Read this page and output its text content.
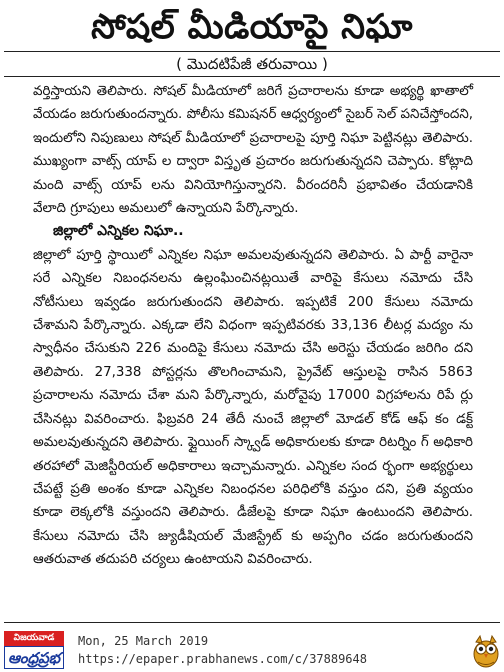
సోషల్ మీడియాపై నిఘా
( మొదటిపేజీ తరువాయి )

వర్తిస్తాయని తెలిపారు. సోషల్ మీడియాలో జరిగే ప్రచారాలను కూడా అభ్యర్థి ఖాతాలో వేయడం జరుగుతుందన్నారు. పోలీసు కమిషనర్ ఆధ్వర్యంలో సైబర్ సెల్ పనిచేస్తోందని, ఇందులోని నిపుణులు సోషల్ మీడియాలో ప్రచారాలపై పూర్తి నిఘా పెట్టినట్లు తెలిపారు. ముఖ్యంగా వాట్స్ యాప్ ల ద్వారా విస్తృత ప్రచారం జరుగుతున్నదని చెప్పారు. కోట్లాది మంది వాట్స్ యాప్ లను వినియోగిస్తున్నారని. వీరందరినీ ప్రభావితం చేయడానికి వేలాది గ్రూపులు అమలులో ఉన్నాయని పేర్కొన్నారు.

జిల్లాలో ఎన్నికల నిఘా..

జిల్లాలో పూర్తి స్థాయిలో ఎన్నికల నిఘా అమలవుతున్నదని తెలిపారు. ఏ పార్టీ వారైనా సరే ఎన్నికల నిబంధనలను ఉల్లంఘించినట్లయితే వారిపై కేసులు నమోదు చేసి నోటీసులు ఇవ్వడం జరుగుతుందని తెలిపారు. ఇప్పటికే 200 కేసులు నమోదు చేశామని పేర్కొన్నారు. ఎక్కడా లేని విధంగా ఇప్పటివరకు 33,136 లీటర్ల మద్యం ను స్వాధీనం చేసుకుని 226 మందిపై కేసులు నమోదు చేసి అరెస్టు చేయడం జరిగిం దని తెలిపారు. 27,338 పోస్టర్లను తొలగించామని, ప్రైవేట్ ఆస్తులపై రాసిన 5863 ప్రచారాలను నమోదు చేశా మని పేర్కొన్నారు, మరోవైపు 17000 విగ్రహాలను రిపే ర్లు చేసినట్లు వివరించారు. ఫిబ్రవరి 24 తేదీ నుంచే జిల్లాలో మోడల్ కోడ్ ఆఫ్ కం డక్ట్ అమలవుతున్నదని తెలిపారు. ఫ్లైయింగ్ స్క్వాడ్ అధికారులకు కూడా రిటర్నిం గ్ అధికారి తరహాలో మెజిస్టీరియల్ అధికారాలు ఇచ్చామన్నారు. ఎన్నికల సంద ర్భంగా అభ్యర్థులు చేపట్టే ప్రతి అంశం కూడా ఎన్నికల నిబంధనల పరిధిలోకి వస్తుం దని, ప్రతి వ్యయం కూడా లెక్కలోకి వస్తుందని తెలిపారు. డీజేలపై కూడా నిఘా ఉంటుందని తెలిపారు. కేసులు నమోదు చేసి జ్యుడీషియల్ మేజిస్ట్రేట్ కు అప్పగిం చడం జరుగుతుందని ఆతరువాత తదుపరి చర్యలు ఉంటాయని వివరించారు.

విజయవాడ
ఆంధ్రప్రభ
Mon, 25 March 2019
https://epaper.prabhanews.com/c/37889648
